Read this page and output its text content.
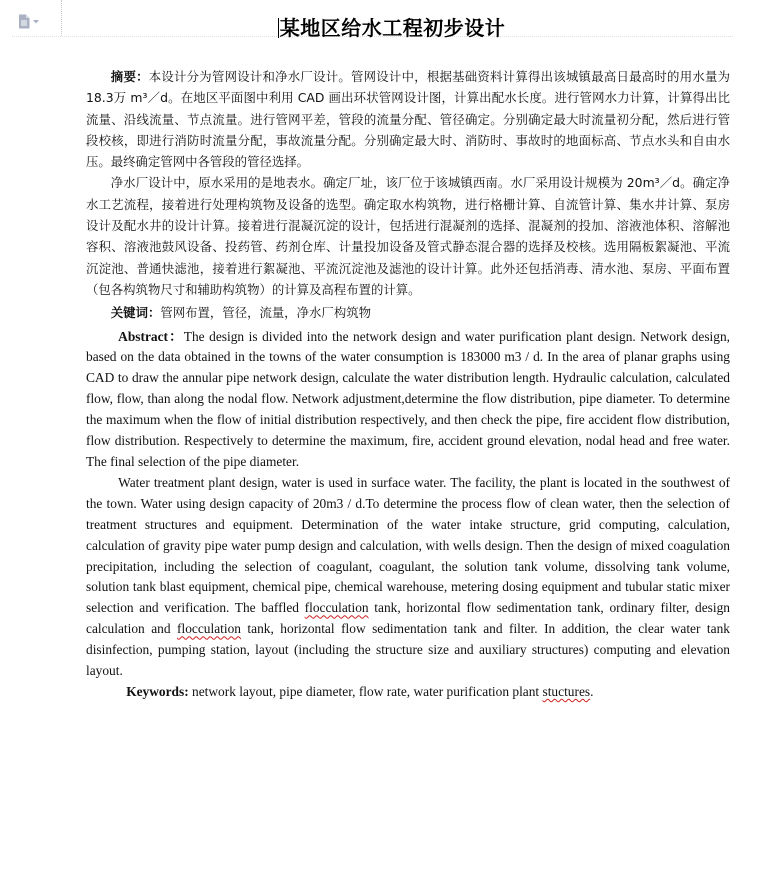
某地区给水工程初步设计

摘要：本设计分为管网设计和净水厂设计。管网设计中，根据基础资料计算得出该城镇最高日最高时的用水量为 18.3万 m³／d。在地区平面图中利用 CAD 画出环状管网设计图，计算出配水长度。进行管网水力计算，计算得出比流量、沿线流量、节点流量。进行管网平差，管段的流量分配、管径确定。分别确定最大时流量初分配，然后进行管段校核，即进行消防时流量分配，事故流量分配。分别确定最大时、消防时、事故时的地面标高、节点水头和自由水压。最终确定管网中各管段的管径选择。

净水厂设计中，原水采用的是地表水。确定厂址，该厂位于该城镇西南。水厂采用设计规模为 20m³／d。确定净水工艺流程，接着进行处理构筑物及设备的选型。确定取水构筑物，进行格栅计算、自流管计算、集水井计算、泵房设计及配水井的设计计算。接着进行混凝沉淀的设计，包括进行混凝剂的选择、混凝剂的投加、溶液池体积、溶解池容积、溶液池鼓风设备、投药管、药剂仓库、计量投加设备及管式静态混合器的选择及校核。选用隔板絮凝池、平流沉淀池、普通快滤池，接着进行絮凝池、平流沉淀池及滤池的设计计算。此外还包括消毒、清水池、泵房、平面布置（包各构筑物尺寸和辅助构筑物）的计算及高程布置的计算。

关键词：管网布置，管径，流量，净水厂构筑物

Abstract：The design is divided into the network design and water purification plant design. Network design, based on the data obtained in the towns of the water consumption is 183000 m3 / d. In the area of planar graphs using CAD to draw the annular pipe network design, calculate the water distribution length. Hydraulic calculation, calculated flow, flow, than along the nodal flow. Network adjustment,determine the flow distribution, pipe diameter. To determine the maximum when the flow of initial distribution respectively, and then check the pipe, fire accident flow distribution, flow distribution. Respectively to determine the maximum, fire, accident ground elevation, nodal head and free water. The final selection of the pipe diameter.

Water treatment plant design, water is used in surface water. The facility, the plant is located in the southwest of the town. Water using design capacity of 20m3 / d.To determine the process flow of clean water, then the selection of treatment structures and equipment. Determination of the water intake structure, grid computing, calculation, calculation of gravity pipe water pump design and calculation, with wells design. Then the design of mixed coagulation precipitation, including the selection of coagulant, coagulant, the solution tank volume, dissolving tank volume, solution tank blast equipment, chemical pipe, chemical warehouse, metering dosing equipment and tubular static mixer selection and verification. The baffled flocculation tank, horizontal flow sedimentation tank, ordinary filter, design calculation and flocculation tank, horizontal flow sedimentation tank and filter. In addition, the clear water tank disinfection, pumping station, layout (including the structure size and auxiliary structures) computing and elevation layout.

Keywords: network layout, pipe diameter, flow rate, water purification plant stuctures.
